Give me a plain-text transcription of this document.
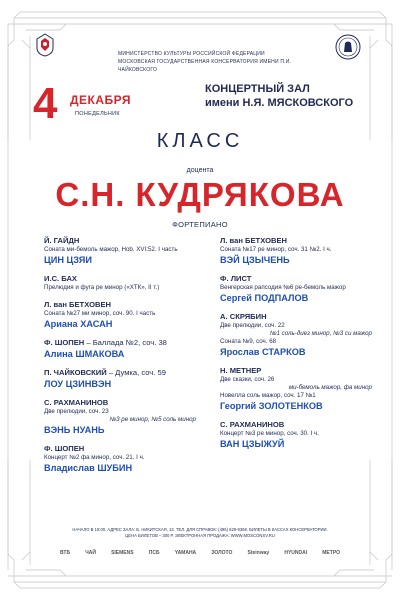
МИНИСТЕРСТВО КУЛЬТУРЫ РОССИЙСКОЙ ФЕДЕРАЦИИ
МОСКОВСКАЯ ГОСУДАРСТВЕННАЯ КОНСЕРВАТОРИЯ ИМЕНИ П.И. ЧАЙКОВСКОГО
4 ДЕКАБРЯ
ПОНЕДЕЛЬНИК
КОНЦЕРТНЫЙ ЗАЛ
имени Н.Я. МЯСКОВСКОГО
КЛАСС
доцента
С.Н. КУДРЯКОВА
ФОРТЕПИАНО
Й. ГАЙДН
Соната ми-бемоль мажор, Hob. XVI:52. I часть
ЦИН ЦЗЯИ
И.С. БАХ
Прелюдия и фуга ре минор («ХТК», II т.)
Л. ван БЕТХОВЕН
Соната №27 ми минор, соч. 90. I часть
Ариана ХАСАН
Ф. ШОПЕН – Баллада №2, соч. 38
Алина ШМАКОВА
П. ЧАЙКОВСКИЙ – Думка, соч. 59
ЛОУ ЦЗИНВЭН
С. РАХМАНИНОВ
Две прелюдии, соч. 23
№3 ре минор, №5 соль минор
ВЭНЬ НУАНЬ
Ф. ШОПЕН
Концерт №2 фа минор, соч. 21. I ч.
Владислав ШУБИН
Л. ван БЕТХОВЕН
Соната №17 ре минор, соч. 31 №2. I ч.
ВЭЙ ЦЗЫЧЕНЬ
Ф. ЛИСТ
Венгерская рапсодия №6 ре-бемоль мажор
Сергей ПОДПАЛОВ
А. СКРЯБИН
Две прелюдии, соч. 22
№1 соль-диез минор, №3 си мажор
Соната №9, соч. 68
Ярослав СТАРКОВ
Н. МЕТНЕР
Две сказки, соч. 26
ми-бемоль мажор, фа минор
Новелла соль мажор, соч. 17 №1
Георгий ЗОЛОТЕНКОВ
С. РАХМАНИНОВ
Концерт №3 ре минор, соч. 30. I ч.
ВАН ЦЗЫЖУЙ
НАЧАЛО В 19:00. АДРЕС ЗАЛА: Б. НИКИТСКАЯ, 13. ТЕЛ. ДЛЯ СПРАВОК: (495) 629-9368. БИЛЕТЫ В КАССАХ КОНСЕРВАТОРИИ.
ЦЕНА БИЛЕТОВ – 300 Р. ЭЛЕКТРОННАЯ ПРОДАЖА: WWW.MOSCONSV.RU
ВТБ	ЧАЙ	SIEMENS	ПСБ	YAMAHA	ЗОЛОТО	Steinway	HYUNDAI	МЕТРО
